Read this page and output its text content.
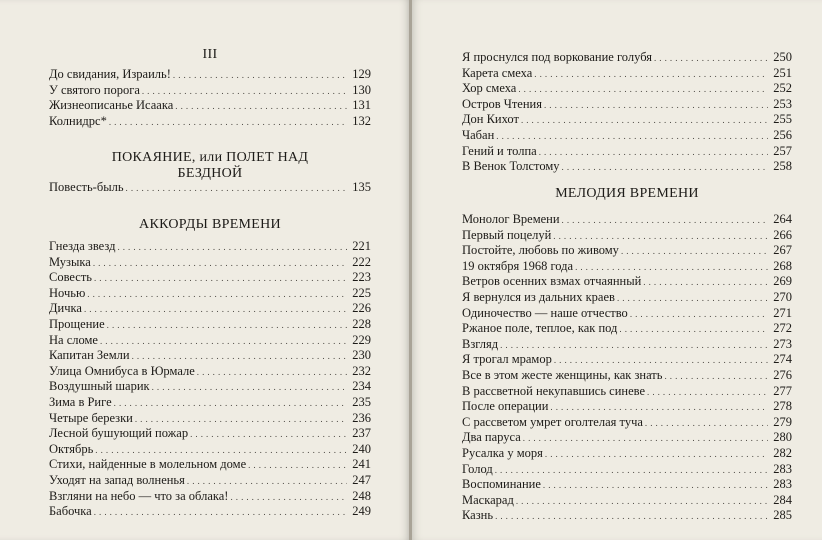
III
До свидания, Израиль! . . .	129
У святого порога . . .	130
Жизнеописанье Исаака . . .	131
Колнидрс* . . .	132
ПОКАЯНИЕ, или ПОЛЕТ НАД
БЕЗДНОЙ
Повесть-быль . . .	135
АККОРДЫ ВРЕМЕНИ
Гнезда звезд . . .	221
Музыка . . .	222
Совесть . . .	223
Ночью . . .	225
Дичка . . .	226
Прощение . . .	228
На сломе . . .	229
Капитан Земли . . .	230
Улица Омнибуса в Юрмале . . .	232
Воздушный шарик . . .	234
Зима в Риге . . .	235
Четыре березки . . .	236
Лесной бушующий пожар . . .	237
Октябрь . . .	240
Стихи, найденные в молельном доме . . .	241
Уходят на запад волненья . . .	247
Взгляни на небо — что за облака! . . .	248
Бабочка . . .	249
Я проснулся под воркование голубя . . .	250
Карета смеха . . .	251
Хор смеха . . .	252
Остров Чтения . . .	253
Дон Кихот . . .	255
Чабан . . .	256
Гений и толпа . . .	257
В Венок Толстому . . .	258
МЕЛОДИЯ ВРЕМЕНИ
Монолог Времени . . .	264
Первый поцелуй . . .	266
Постойте, любовь по живому . . .	267
19 октября 1968 года . . .	268
Ветров осенних взмах отчаянный . . .	269
Я вернулся из дальних краев . . .	270
Одиночество — наше отчество . . .	271
Ржаное поле, теплое, как под . . .	272
Взгляд . . .	273
Я трогал мрамор . . .	274
Все в этом жесте женщины, как знать . . .	276
В рассветной некупавшись синеве . . .	277
После операции . . .	278
С рассветом умрет оголтелая туча . . .	279
Два паруса . . .	280
Русалка у моря . . .	282
Голод . . .	283
Воспоминание . . .	283
Маскарад . . .	284
Казнь . . .	285
